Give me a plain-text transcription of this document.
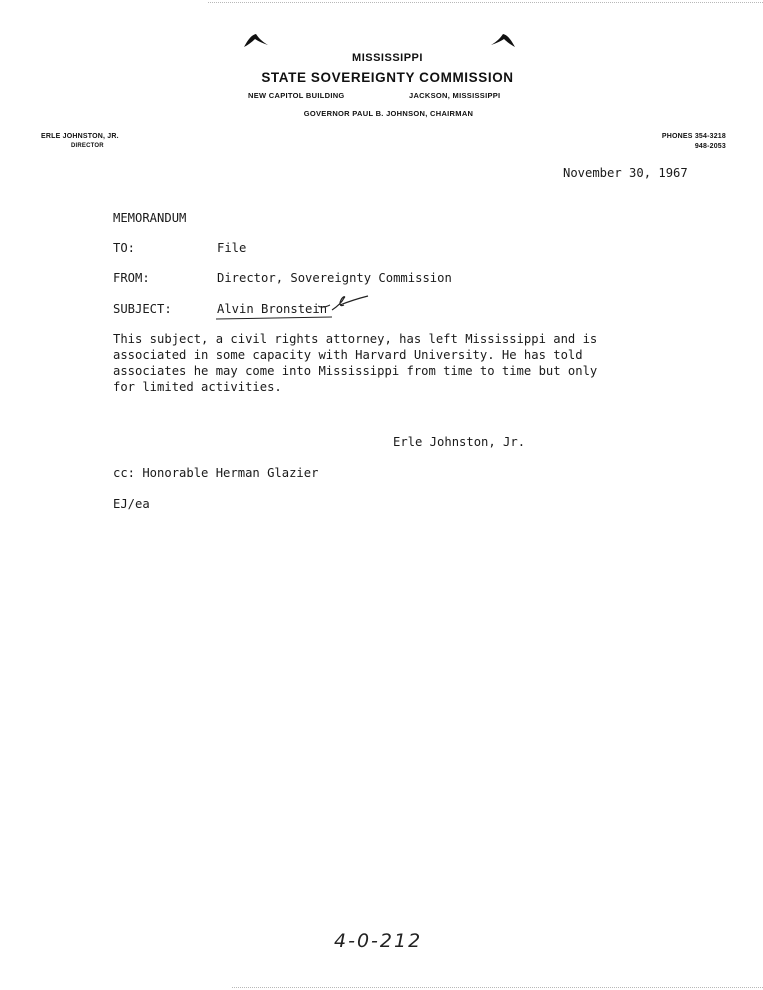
MISSISSIPPI
STATE SOVEREIGNTY COMMISSION
NEW CAPITOL BUILDING	JACKSON, MISSISSIPPI
GOVERNOR PAUL B. JOHNSON, CHAIRMAN
ERLE JOHNSTON, JR.
DIRECTOR
PHONES 354-3218
948-2053
November 30, 1967
MEMORANDUM
TO:	File
FROM:	Director, Sovereignty Commission
SUBJECT:	Alvin Bronstein
This subject, a civil rights attorney, has left Mississippi and is
associated in some capacity with Harvard University. He has told
associates he may come into Mississippi from time to time but only
for limited activities.
Erle Johnston, Jr.
cc: Honorable Herman Glazier
EJ/ea
4-0-212
